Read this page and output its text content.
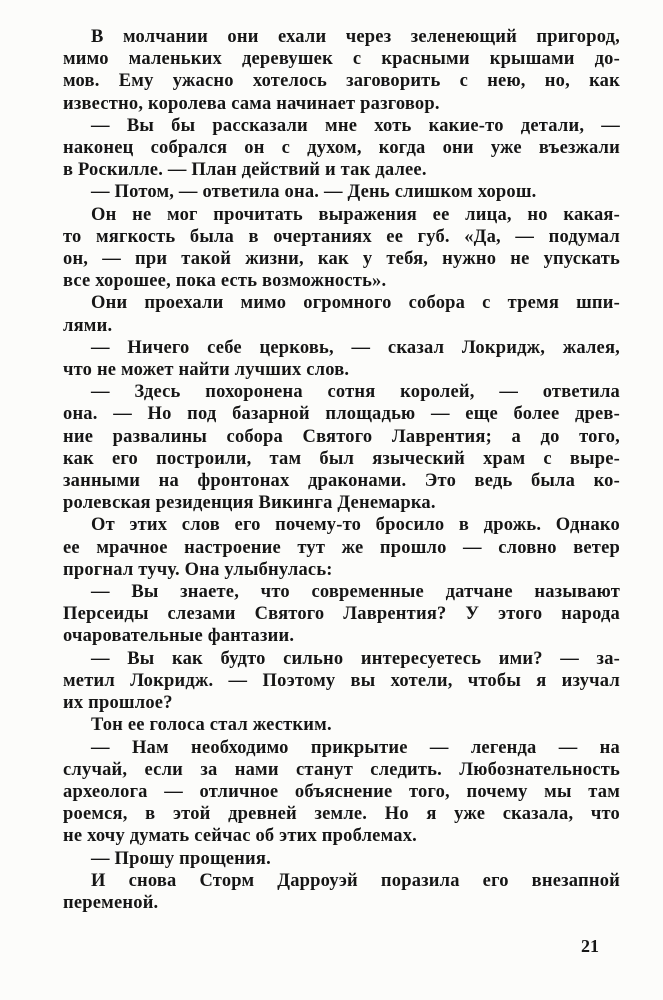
В молчании они ехали через зеленеющий пригород,
мимо маленьких деревушек с красными крышами до-
мов. Ему ужасно хотелось заговорить с нею, но, как
известно, королева сама начинает разговор.
— Вы бы рассказали мне хоть какие-то детали, —
наконец собрался он с духом, когда они уже въезжали
в Роскилле. — План действий и так далее.
— Потом, — ответила она. — День слишком хорош.
Он не мог прочитать выражения ее лица, но какая-
то мягкость была в очертаниях ее губ. «Да, — подумал
он, — при такой жизни, как у тебя, нужно не упускать
все хорошее, пока есть возможность».
Они проехали мимо огромного собора с тремя шпи-
лями.
— Ничего себе церковь, — сказал Локридж, жалея,
что не может найти лучших слов.
— Здесь похоронена сотня королей, — ответила
она. — Но под базарной площадью — еще более древ-
ние развалины собора Святого Лаврентия; а до того,
как его построили, там был языческий храм с выре-
занными на фронтонах драконами. Это ведь была ко-
ролевская резиденция Викинга Денемарка.
От этих слов его почему-то бросило в дрожь. Однако
ее мрачное настроение тут же прошло — словно ветер
прогнал тучу. Она улыбнулась:
— Вы знаете, что современные датчане называют
Персеиды слезами Святого Лаврентия? У этого народа
очаровательные фантазии.
— Вы как будто сильно интересуетесь ими? — за-
метил Локридж. — Поэтому вы хотели, чтобы я изучал
их прошлое?
Тон ее голоса стал жестким.
— Нам необходимо прикрытие — легенда — на
случай, если за нами станут следить. Любознательность
археолога — отличное объяснение того, почему мы там
роемся, в этой древней земле. Но я уже сказала, что
не хочу думать сейчас об этих проблемах.
— Прошу прощения.
И снова Сторм Дарроуэй поразила его внезапной
переменой.
21
